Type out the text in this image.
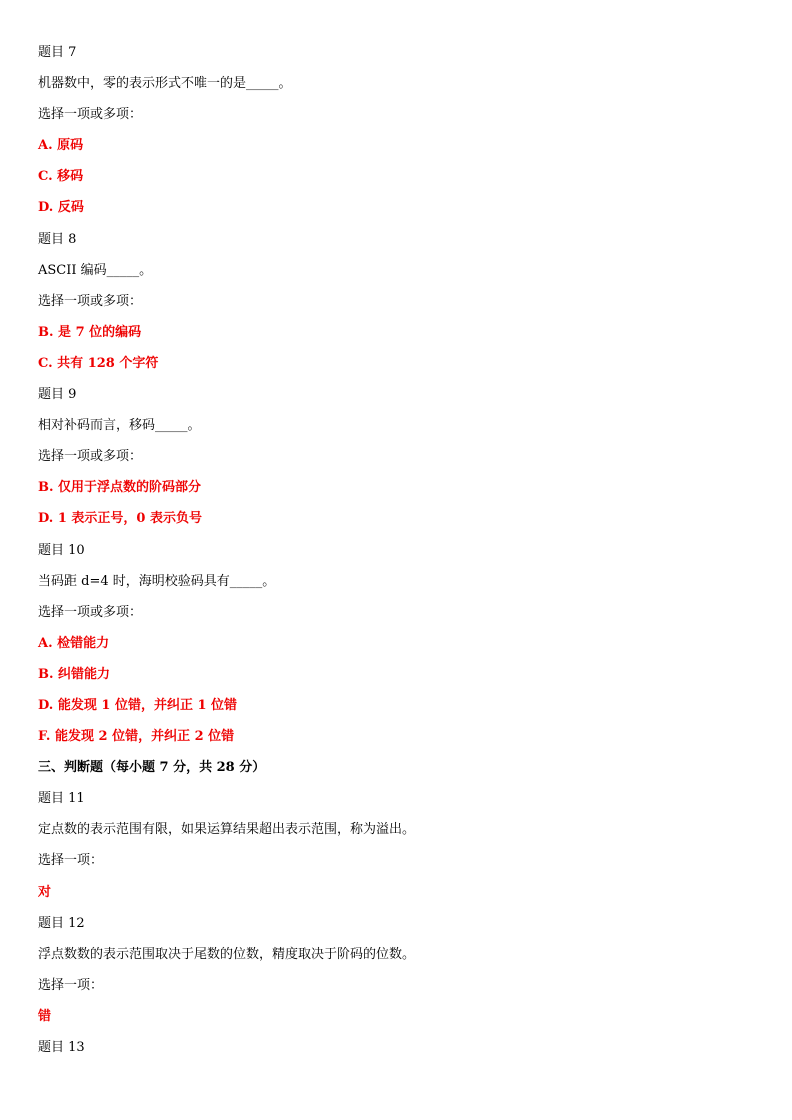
题目 7
机器数中，零的表示形式不唯一的是_____。
选择一项或多项：
A. 原码
C. 移码
D. 反码
题目 8
ASCII 编码_____。
选择一项或多项：
B. 是 7 位的编码
C. 共有 128 个字符
题目 9
相对补码而言，移码_____。
选择一项或多项：
B. 仅用于浮点数的阶码部分
D. 1 表示正号，0 表示负号
题目 10
当码距 d=4 时，海明校验码具有_____。
选择一项或多项：
A. 检错能力
B. 纠错能力
D. 能发现 1 位错，并纠正 1 位错
F. 能发现 2 位错，并纠正 2 位错
三、判断题（每小题 7 分，共 28 分）
题目 11
定点数的表示范围有限，如果运算结果超出表示范围，称为溢出。
选择一项：
对
题目 12
浮点数数的表示范围取决于尾数的位数，精度取决于阶码的位数。
选择一项：
错
题目 13
